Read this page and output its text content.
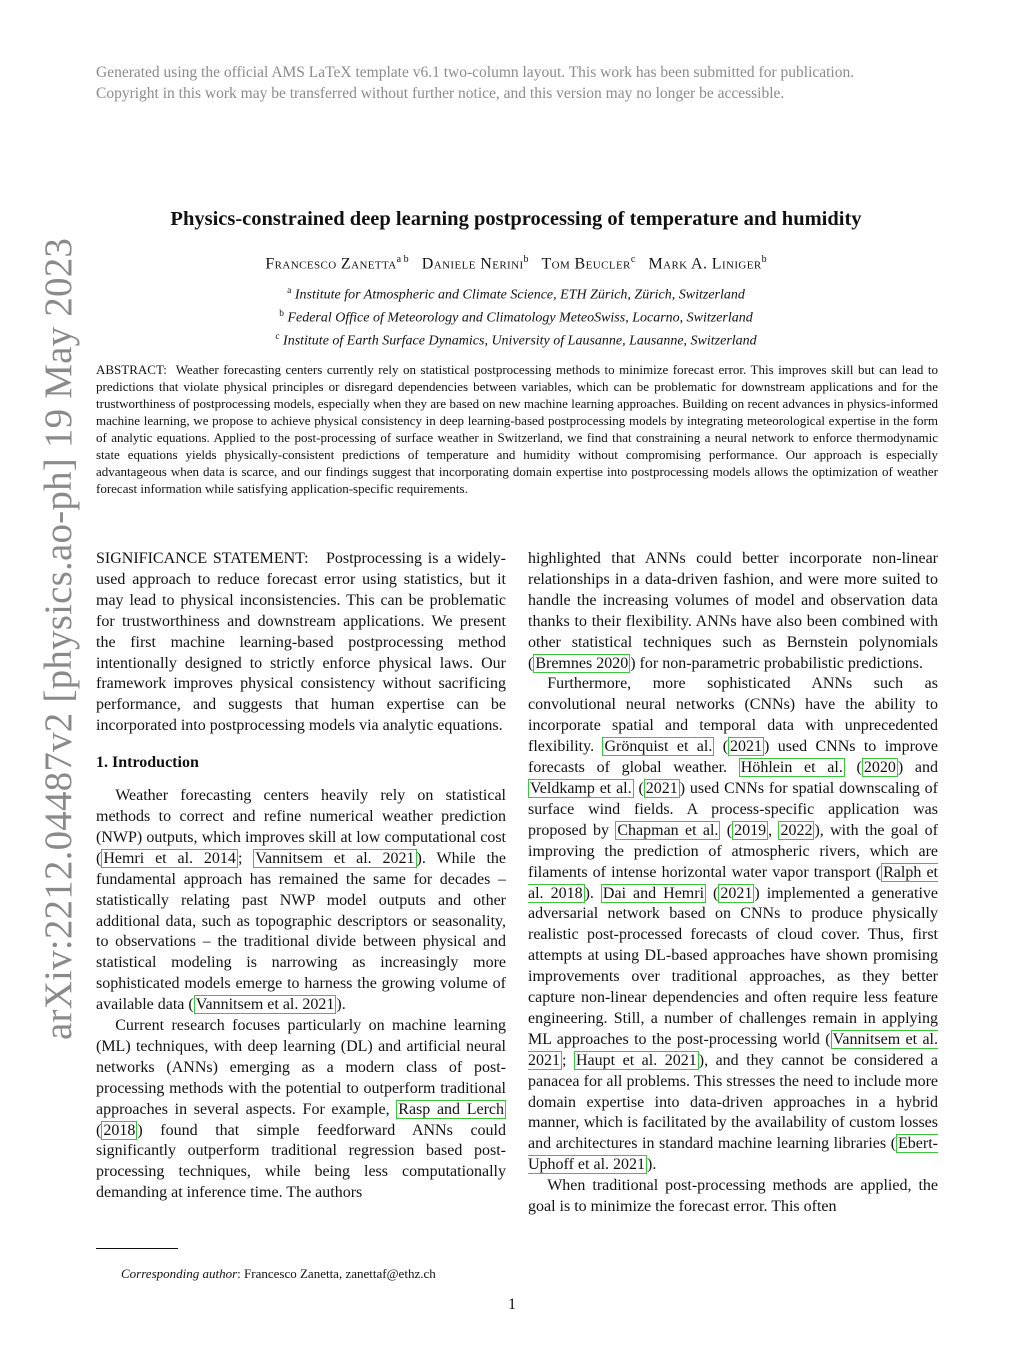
Generated using the official AMS LaTeX template v6.1 two-column layout. This work has been submitted for publication. Copyright in this work may be transferred without further notice, and this version may no longer be accessible.

arXiv:2212.04487v2 [physics.ao-ph] 19 May 2023
Physics-constrained deep learning postprocessing of temperature and humidity
Francesco Zanetta$^{a b}$ Daniele Nerini$^b$ Tom Beucler$^c$ Mark A. Liniger$^b$
$^a$ Institute for Atmospheric and Climate Science, ETH Zürich, Zürich, Switzerland
$^b$ Federal Office of Meteorology and Climatology MeteoSwiss, Locarno, Switzerland
$^c$ Institute of Earth Surface Dynamics, University of Lausanne, Lausanne, Switzerland

ABSTRACT: Weather forecasting centers currently rely on statistical postprocessing methods to minimize forecast error. This improves skill but can lead to predictions that violate physical principles or disregard dependencies between variables, which can be problematic for downstream applications and for the trustworthiness of postprocessing models, especially when they are based on new machine learning approaches. Building on recent advances in physics-informed machine learning, we propose to achieve physical consistency in deep learning-based postprocessing models by integrating meteorological expertise in the form of analytic equations. Applied to the post-processing of surface weather in Switzerland, we find that constraining a neural network to enforce thermodynamic state equations yields physically-consistent predictions of temperature and humidity without compromising performance. Our approach is especially advantageous when data is scarce, and our findings suggest that incorporating domain expertise into postprocessing models allows the optimization of weather forecast information while satisfying application-specific requirements.

SIGNIFICANCE STATEMENT: Postprocessing is a widely-used approach to reduce forecast error using statistics, but it may lead to physical inconsistencies. This can be problematic for trustworthiness and downstream applications. We present the first machine learning-based postprocessing method intentionally designed to strictly enforce physical laws. Our framework improves physical consistency without sacrificing performance, and suggests that human expertise can be incorporated into postprocessing models via analytic equations.

1. Introduction

Weather forecasting centers heavily rely on statistical methods to correct and refine numerical weather prediction (NWP) outputs, which improves skill at low computational cost ( Hemri et al. 2014 ; Vannitsem et al. 2021 ). While the fundamental approach has remained the same for decades – statistically relating past NWP model outputs and other additional data, such as topographic descriptors or seasonality, to observations – the traditional divide between physical and statistical modeling is narrowing as increasingly more sophisticated models emerge to harness the growing volume of available data ( Vannitsem et al. 2021 ).

Current research focuses particularly on machine learning (ML) techniques, with deep learning (DL) and artificial neural networks (ANNs) emerging as a modern class of post-processing methods with the potential to outperform traditional approaches in several aspects. For example, Rasp and Lerch ( 2018 ) found that simple feedforward ANNs could significantly outperform traditional regression based post-processing techniques, while being less computationally demanding at inference time. The authors

highlighted that ANNs could better incorporate non-linear relationships in a data-driven fashion, and were more suited to handle the increasing volumes of model and observation data thanks to their flexibility. ANNs have also been combined with other statistical techniques such as Bernstein polynomials ( Bremnes 2020 ) for non-parametric probabilistic predictions.

Furthermore, more sophisticated ANNs such as convolutional neural networks (CNNs) have the ability to incorporate spatial and temporal data with unprecedented flexibility. Grönquist et al. ( 2021 ) used CNNs to improve forecasts of global weather. Höhlein et al. ( 2020 ) and Veldkamp et al. ( 2021 ) used CNNs for spatial downscaling of surface wind fields. A process-specific application was proposed by Chapman et al. ( 2019 , 2022 ), with the goal of improving the prediction of atmospheric rivers, which are filaments of intense horizontal water vapor transport ( Ralph et al. 2018 ). Dai and Hemri ( 2021 ) implemented a generative adversarial network based on CNNs to produce physically realistic post-processed forecasts of cloud cover. Thus, first attempts at using DL-based approaches have shown promising improvements over traditional approaches, as they better capture non-linear dependencies and often require less feature engineering. Still, a number of challenges remain in applying ML approaches to the post-processing world ( Vannitsem et al. 2021 ; Haupt et al. 2021 ), and they cannot be considered a panacea for all problems. This stresses the need to include more domain expertise into data-driven approaches in a hybrid manner, which is facilitated by the availability of custom losses and architectures in standard machine learning libraries ( Ebert-Uphoff et al. 2021 ).

When traditional post-processing methods are applied, the goal is to minimize the forecast error. This often

Corresponding author: Francesco Zanetta, zanettaf@ethz.ch
1
